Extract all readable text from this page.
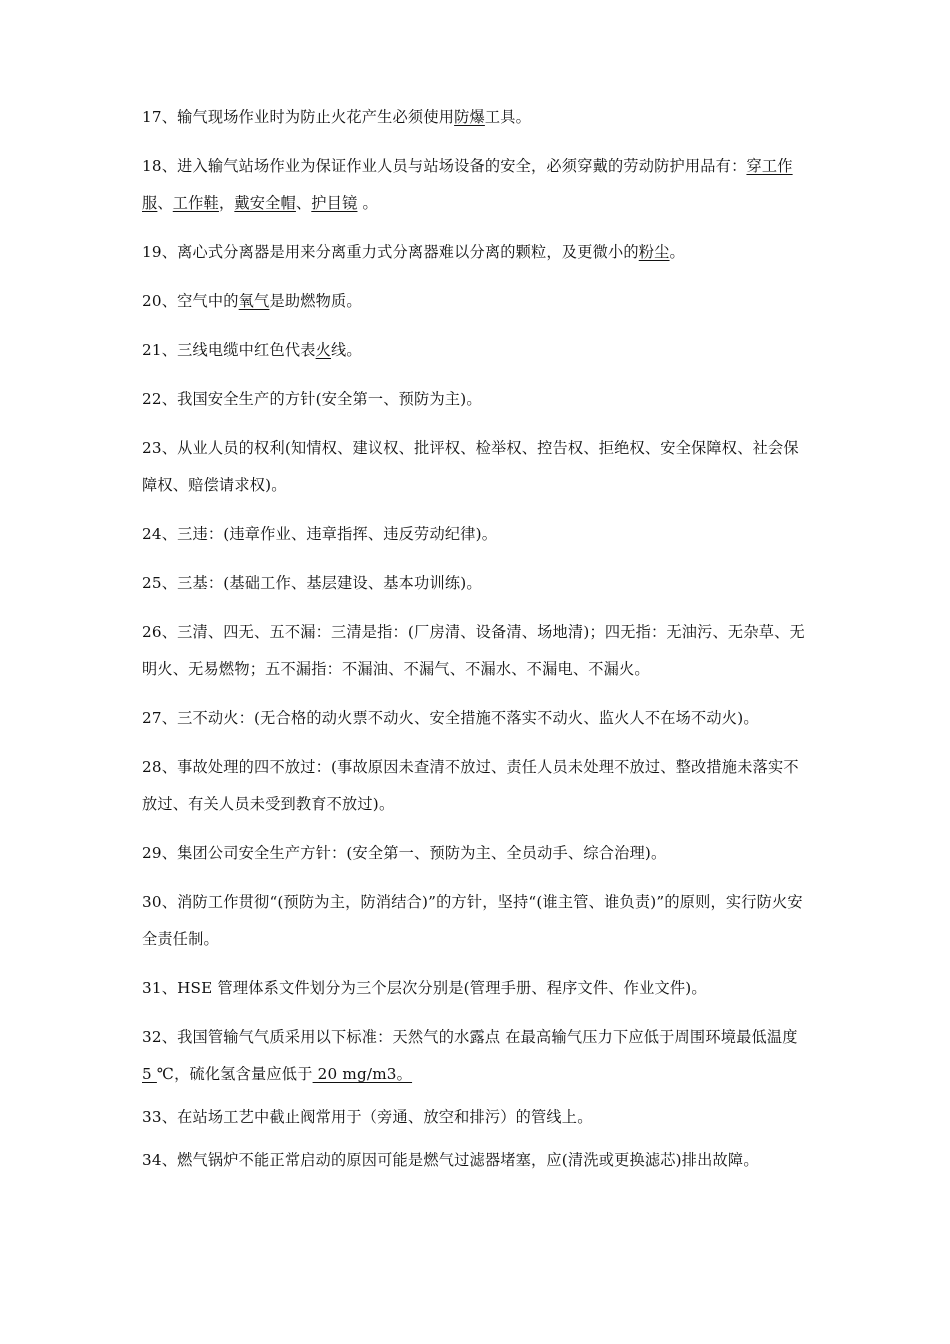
17、输气现场作业时为防止火花产生必须使用防爆工具。
18、进入输气站场作业为保证作业人员与站场设备的安全，必须穿戴的劳动防护用品有：穿工作服、工作鞋，戴安全帽、护目镜 。
19、离心式分离器是用来分离重力式分离器难以分离的颗粒，及更微小的粉尘。
20、空气中的氧气是助燃物质。
21、三线电缆中红色代表火线。
22、我国安全生产的方针(安全第一、预防为主)。
23、从业人员的权利(知情权、建议权、批评权、检举权、控告权、拒绝权、安全保障权、社会保障权、赔偿请求权)。
24、三违：(违章作业、违章指挥、违反劳动纪律)。
25、三基：(基础工作、基层建设、基本功训练)。
26、三清、四无、五不漏：三清是指：(厂房清、设备清、场地清)；四无指：无油污、无杂草、无明火、无易燃物；五不漏指：不漏油、不漏气、不漏水、不漏电、不漏火。
27、三不动火：(无合格的动火票不动火、安全措施不落实不动火、监火人不在场不动火)。
28、事故处理的四不放过：(事故原因未查清不放过、责任人员未处理不放过、整改措施未落实不放过、有关人员未受到教育不放过)。
29、集团公司安全生产方针：(安全第一、预防为主、全员动手、综合治理)。
30、消防工作贯彻“(预防为主，防消结合)”的方针，坚持“(谁主管、谁负责)”的原则，实行防火安全责任制。
31、HSE 管理体系文件划分为三个层次分别是(管理手册、程序文件、作业文件)。
32、我国管输气气质采用以下标准：天然气的水露点 在最高输气压力下应低于周围环境最低温度 5 ℃，硫化氢含量应低于 20 mg/m3。
33、在站场工艺中截止阀常用于（旁通、放空和排污）的管线上。
34、燃气锅炉不能正常启动的原因可能是燃气过滤器堵塞，应(清洗或更换滤芯)排出故障。
